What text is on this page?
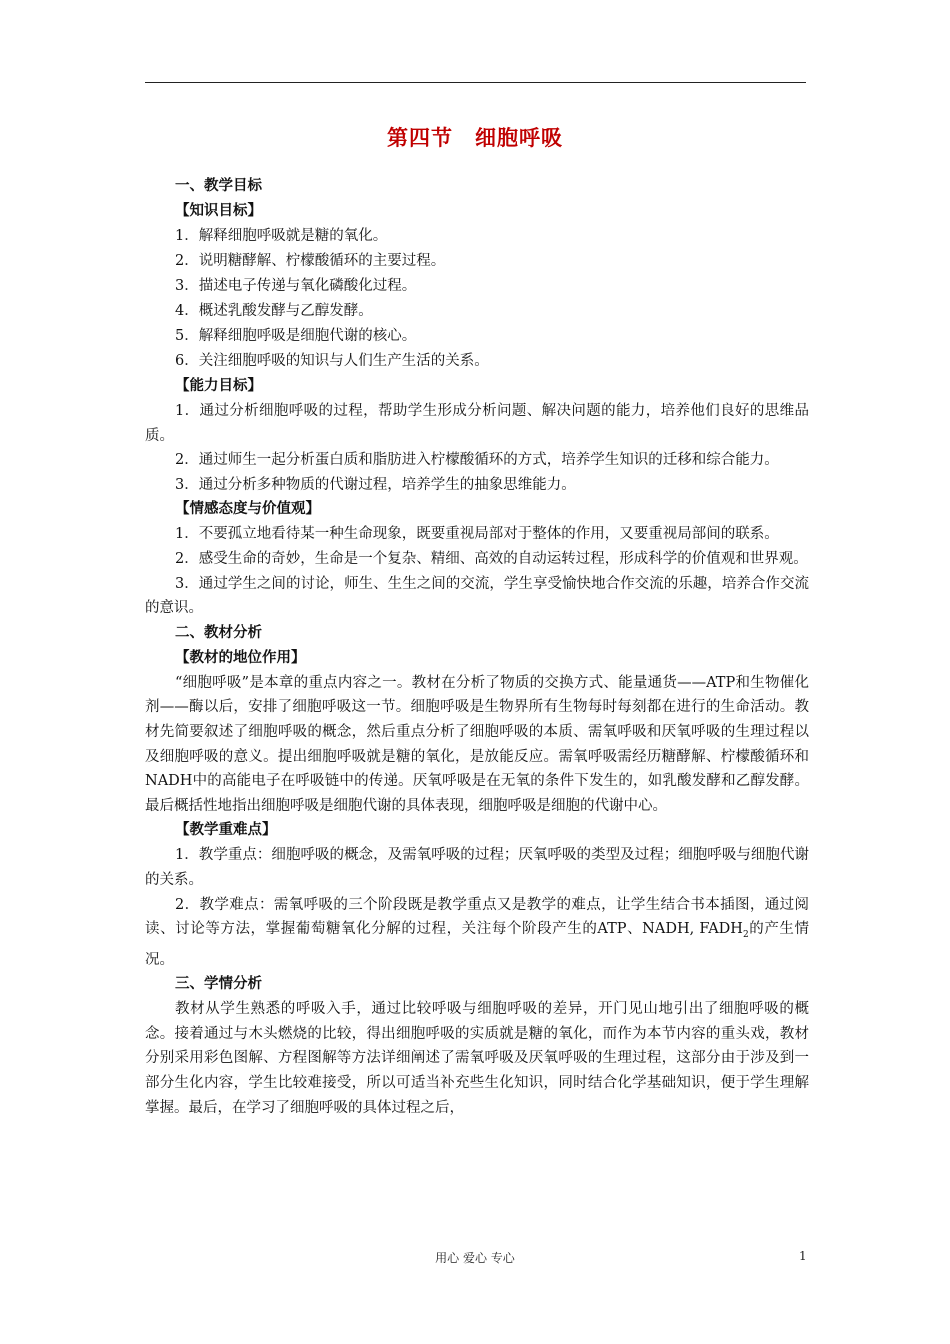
第四节　细胞呼吸
一、教学目标
【知识目标】
1．解释细胞呼吸就是糖的氧化。
2．说明糖酵解、柠檬酸循环的主要过程。
3．描述电子传递与氧化磷酸化过程。
4．概述乳酸发酵与乙醇发酵。
5．解释细胞呼吸是细胞代谢的核心。
6．关注细胞呼吸的知识与人们生产生活的关系。
【能力目标】

1．通过分析细胞呼吸的过程，帮助学生形成分析问题、解决问题的能力，培养他们良好的思维品质。

2．通过师生一起分析蛋白质和脂肪进入柠檬酸循环的方式，培养学生知识的迁移和综合能力。

3．通过分析多种物质的代谢过程，培养学生的抽象思维能力。

【情感态度与价值观】

1．不要孤立地看待某一种生命现象，既要重视局部对于整体的作用，又要重视局部间的联系。

2．感受生命的奇妙，生命是一个复杂、精细、高效的自动运转过程，形成科学的价值观和世界观。

3．通过学生之间的讨论，师生、生生之间的交流，学生享受愉快地合作交流的乐趣，培养合作交流的意识。

二、教材分析
【教材的地位作用】

“细胞呼吸”是本章的重点内容之一。教材在分析了物质的交换方式、能量通货——ATP和生物催化剂——酶以后，安排了细胞呼吸这一节。细胞呼吸是生物界所有生物每时每刻都在进行的生命活动。教材先简要叙述了细胞呼吸的概念，然后重点分析了细胞呼吸的本质、需氧呼吸和厌氧呼吸的生理过程以及细胞呼吸的意义。提出细胞呼吸就是糖的氧化，是放能反应。需氧呼吸需经历糖酵解、柠檬酸循环和NADH中的高能电子在呼吸链中的传递。厌氧呼吸是在无氧的条件下发生的，如乳酸发酵和乙醇发酵。最后概括性地指出细胞呼吸是细胞代谢的具体表现，细胞呼吸是细胞的代谢中心。

【教学重难点】

1．教学重点：细胞呼吸的概念，及需氧呼吸的过程；厌氧呼吸的类型及过程；细胞呼吸与细胞代谢的关系。

2．教学难点：需氧呼吸的三个阶段既是教学重点又是教学的难点，让学生结合书本插图，通过阅读、讨论等方法，掌握葡萄糖氧化分解的过程，关注每个阶段产生的ATP、NADH, $FADH_2$的产生情况。

三、学情分析

教材从学生熟悉的呼吸入手，通过比较呼吸与细胞呼吸的差异，开门见山地引出了细胞呼吸的概念。接着通过与木头燃烧的比较，得出细胞呼吸的实质就是糖的氧化，而作为本节内容的重头戏，教材分别采用彩色图解、方程图解等方法详细阐述了需氧呼吸及厌氧呼吸的生理过程，这部分由于涉及到一部分生化内容，学生比较难接受，所以可适当补充些生化知识，同时结合化学基础知识，便于学生理解掌握。最后，在学习了细胞呼吸的具体过程之后，

用心 爱心 专心	1
